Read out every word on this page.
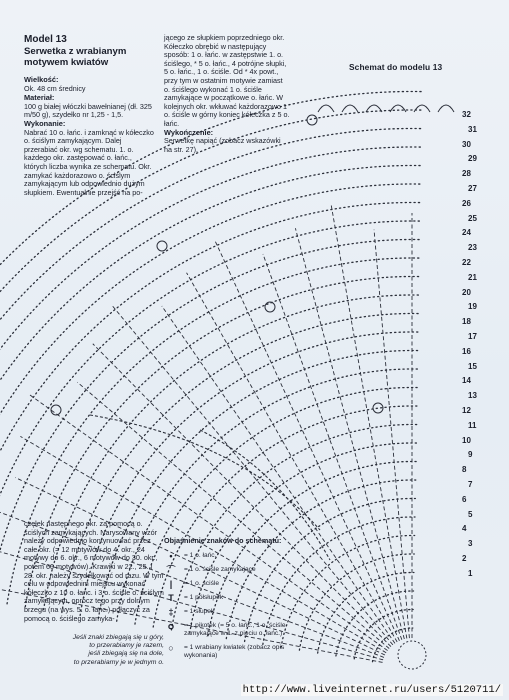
Model 13

Serwetka z wrabianym motywem kwiatów

Wielkość:

Ok. 48 cm średnicy

Materiał:

100 g białej włóczki bawełnianej (dł. 325 m/50 g), szydełko nr 1,25 - 1,5.

Wykonanie:

Nabrać 10 o. łańc. i zamknąć w kółeczko o. ściślym zamykającym. Dalej przerabiać okr. wg schematu. 1. o. każdego okr. zastępować o. łańc., których liczba wynika ze schematu. Okr. zamykać każdorazowo o. ściślym zamykającym lub odpowiednio dużym słupkiem. Ewentualnie przejść na po-

jącego ze słupkiem poprzedniego okr. Kółeczko obrębić w następujący sposób: 1 o. łańc. w zastępstwie 1. o. ściślego, * 5 o. łańc., 4 potrójne słupki, 5 o. łańc., 1 o. ściśle. Od * 4x powt., przy tym w ostatnim motywie zamiast o. ściślego wykonać 1 o. ściśle zamykające w początkowe o. łańc. W kolejnych okr. wkłuwać każdorazowo 1 o. ściśle w górny koniec kółeczka z 5 o. łańc.

Wykończenie:

Serwetkę napiąć (zobacz wskazówki na str. 27).

Schemat do modelu 13
32
31
30
29
28
27
26
25
24
23
22
21
20
19
18
17
16
15
14
13
12
11
10
9
8
7
6
5
4
3
2
1

częłek następnego okr. za pomocą o. ściślych zamykających. Narysowany wzór należy odpowiednio kontynuować przez całe okr. (= 12 motywów do 4. okr., 24 motywy do 6. okr., 6 motywów do 30. okr., potem 60 motywów). Krawiki w 22., 25. i 28. okr. należy szydełkować od razu. W tym celu w odpowiednim miejscu wykonać kółeczko z 10 o. łańc. i 3 o. ściśle o. ściślym zamykającym, oprócz tego przy dolnym brzegu (na wys. 5. o. łańc.) połączyć za pomocą o. ściślego zamyka-

Jeśli znaki zbiegają się u góry,
to przerabiamy je razem,
jeśli zbiegają się na dole,
to przerabiamy je w jednym o.
Objaśnienie znaków do schematu:
•	= 1 o. łańc.
⌒	= 1 o. ściśle zamykające
|	= 1 o. ściśle
T	= 1 półsłupek
‡	= 1 słupek
ѻ	= 1 pikotek (= 5 o. łańc., 1 o. ściśle zamykające w 1. z pięciu o. łańc.)
○	= 1 wrabiany kwiatek (zobacz opis wykonania)
http://www.liveinternet.ru/users/5120711/
